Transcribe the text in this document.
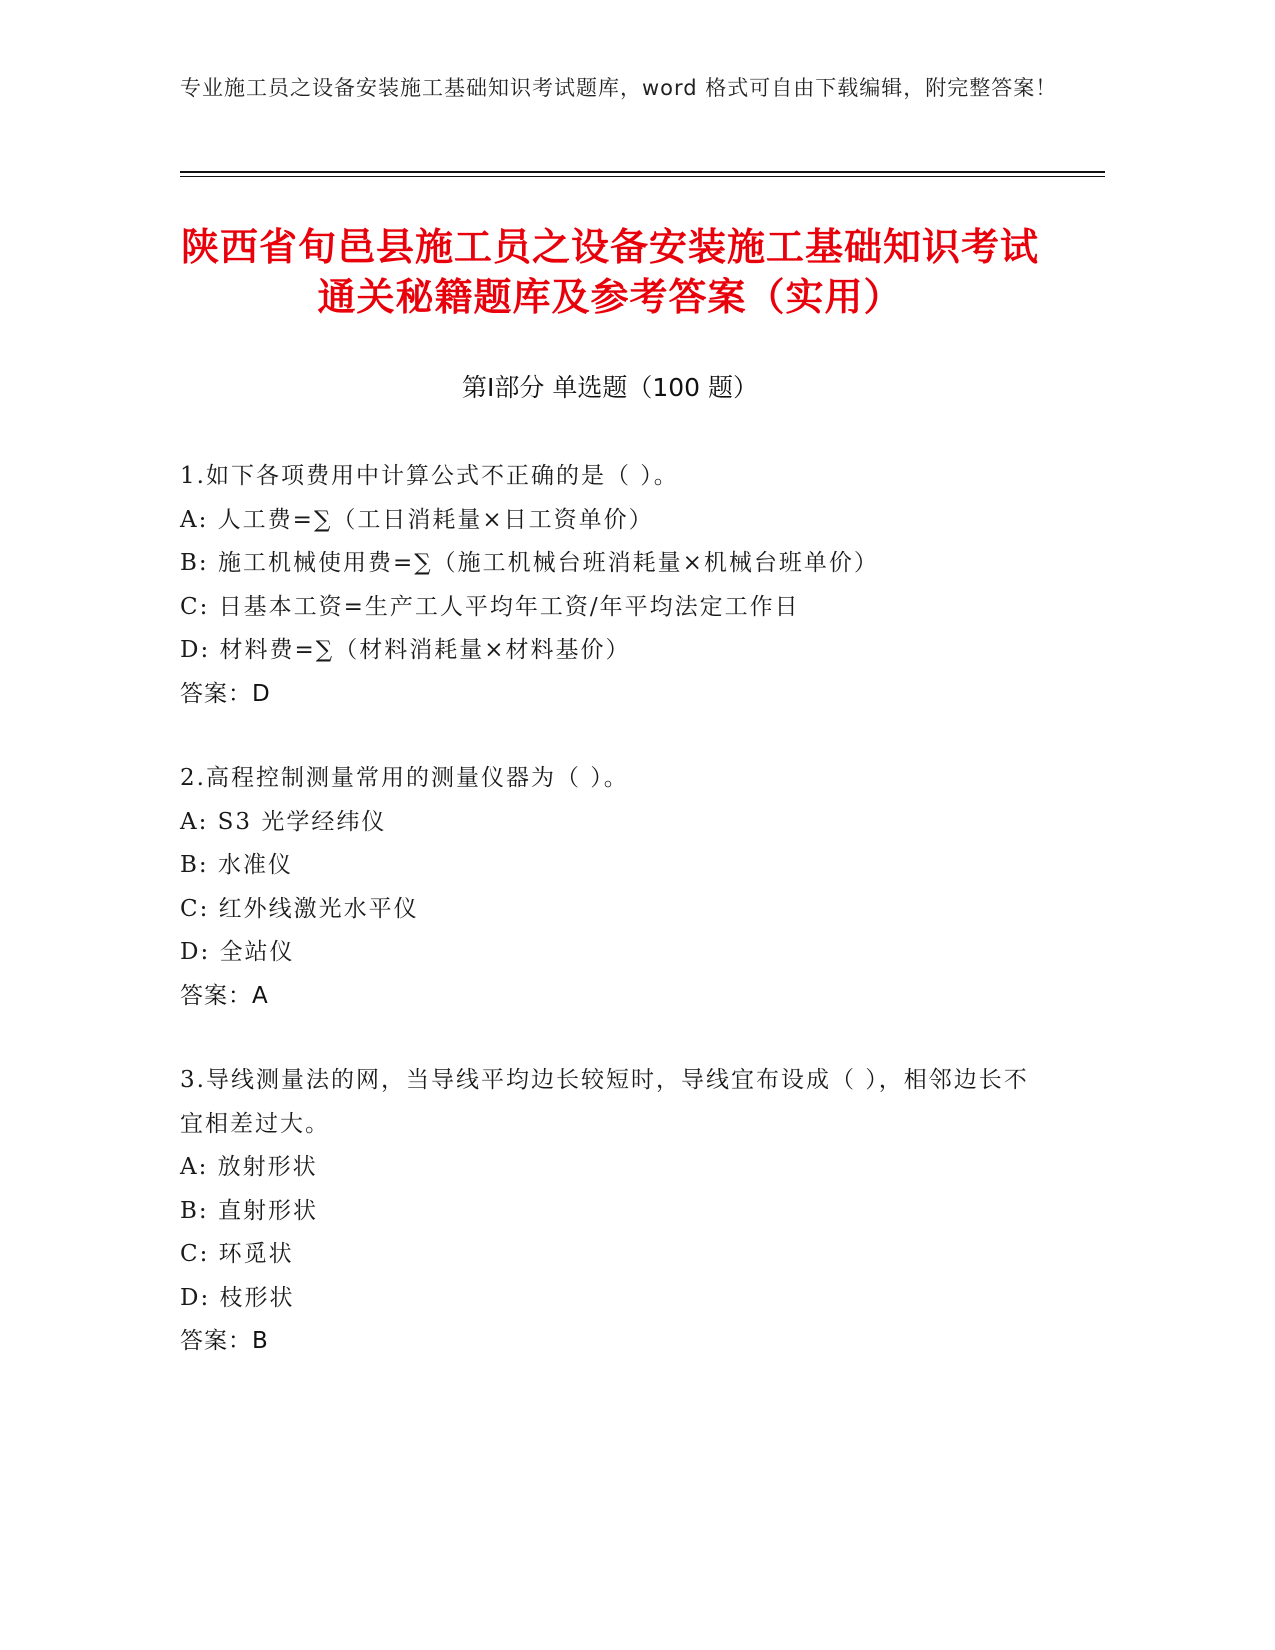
专业施工员之设备安装施工基础知识考试题库，word 格式可自由下载编辑，附完整答案！
陕西省旬邑县施工员之设备安装施工基础知识考试通关秘籍题库及参考答案（实用）
第Ⅰ部分 单选题（100 题）

1.如下各项费用中计算公式不正确的是（ ）。

A: 人工费=∑（工日消耗量×日工资单价）

B: 施工机械使用费=∑（施工机械台班消耗量×机械台班单价）

C: 日基本工资=生产工人平均年工资/年平均法定工作日

D: 材料费=∑（材料消耗量×材料基价）

答案：D

2.高程控制测量常用的测量仪器为（ ）。

A: S3 光学经纬仪

B: 水准仪

C: 红外线激光水平仪

D: 全站仪

答案：A

3.导线测量法的网，当导线平均边长较短时，导线宜布设成（ ），相邻边长不宜相差过大。

A: 放射形状

B: 直射形状

C: 环觅状

D: 枝形状

答案：B
